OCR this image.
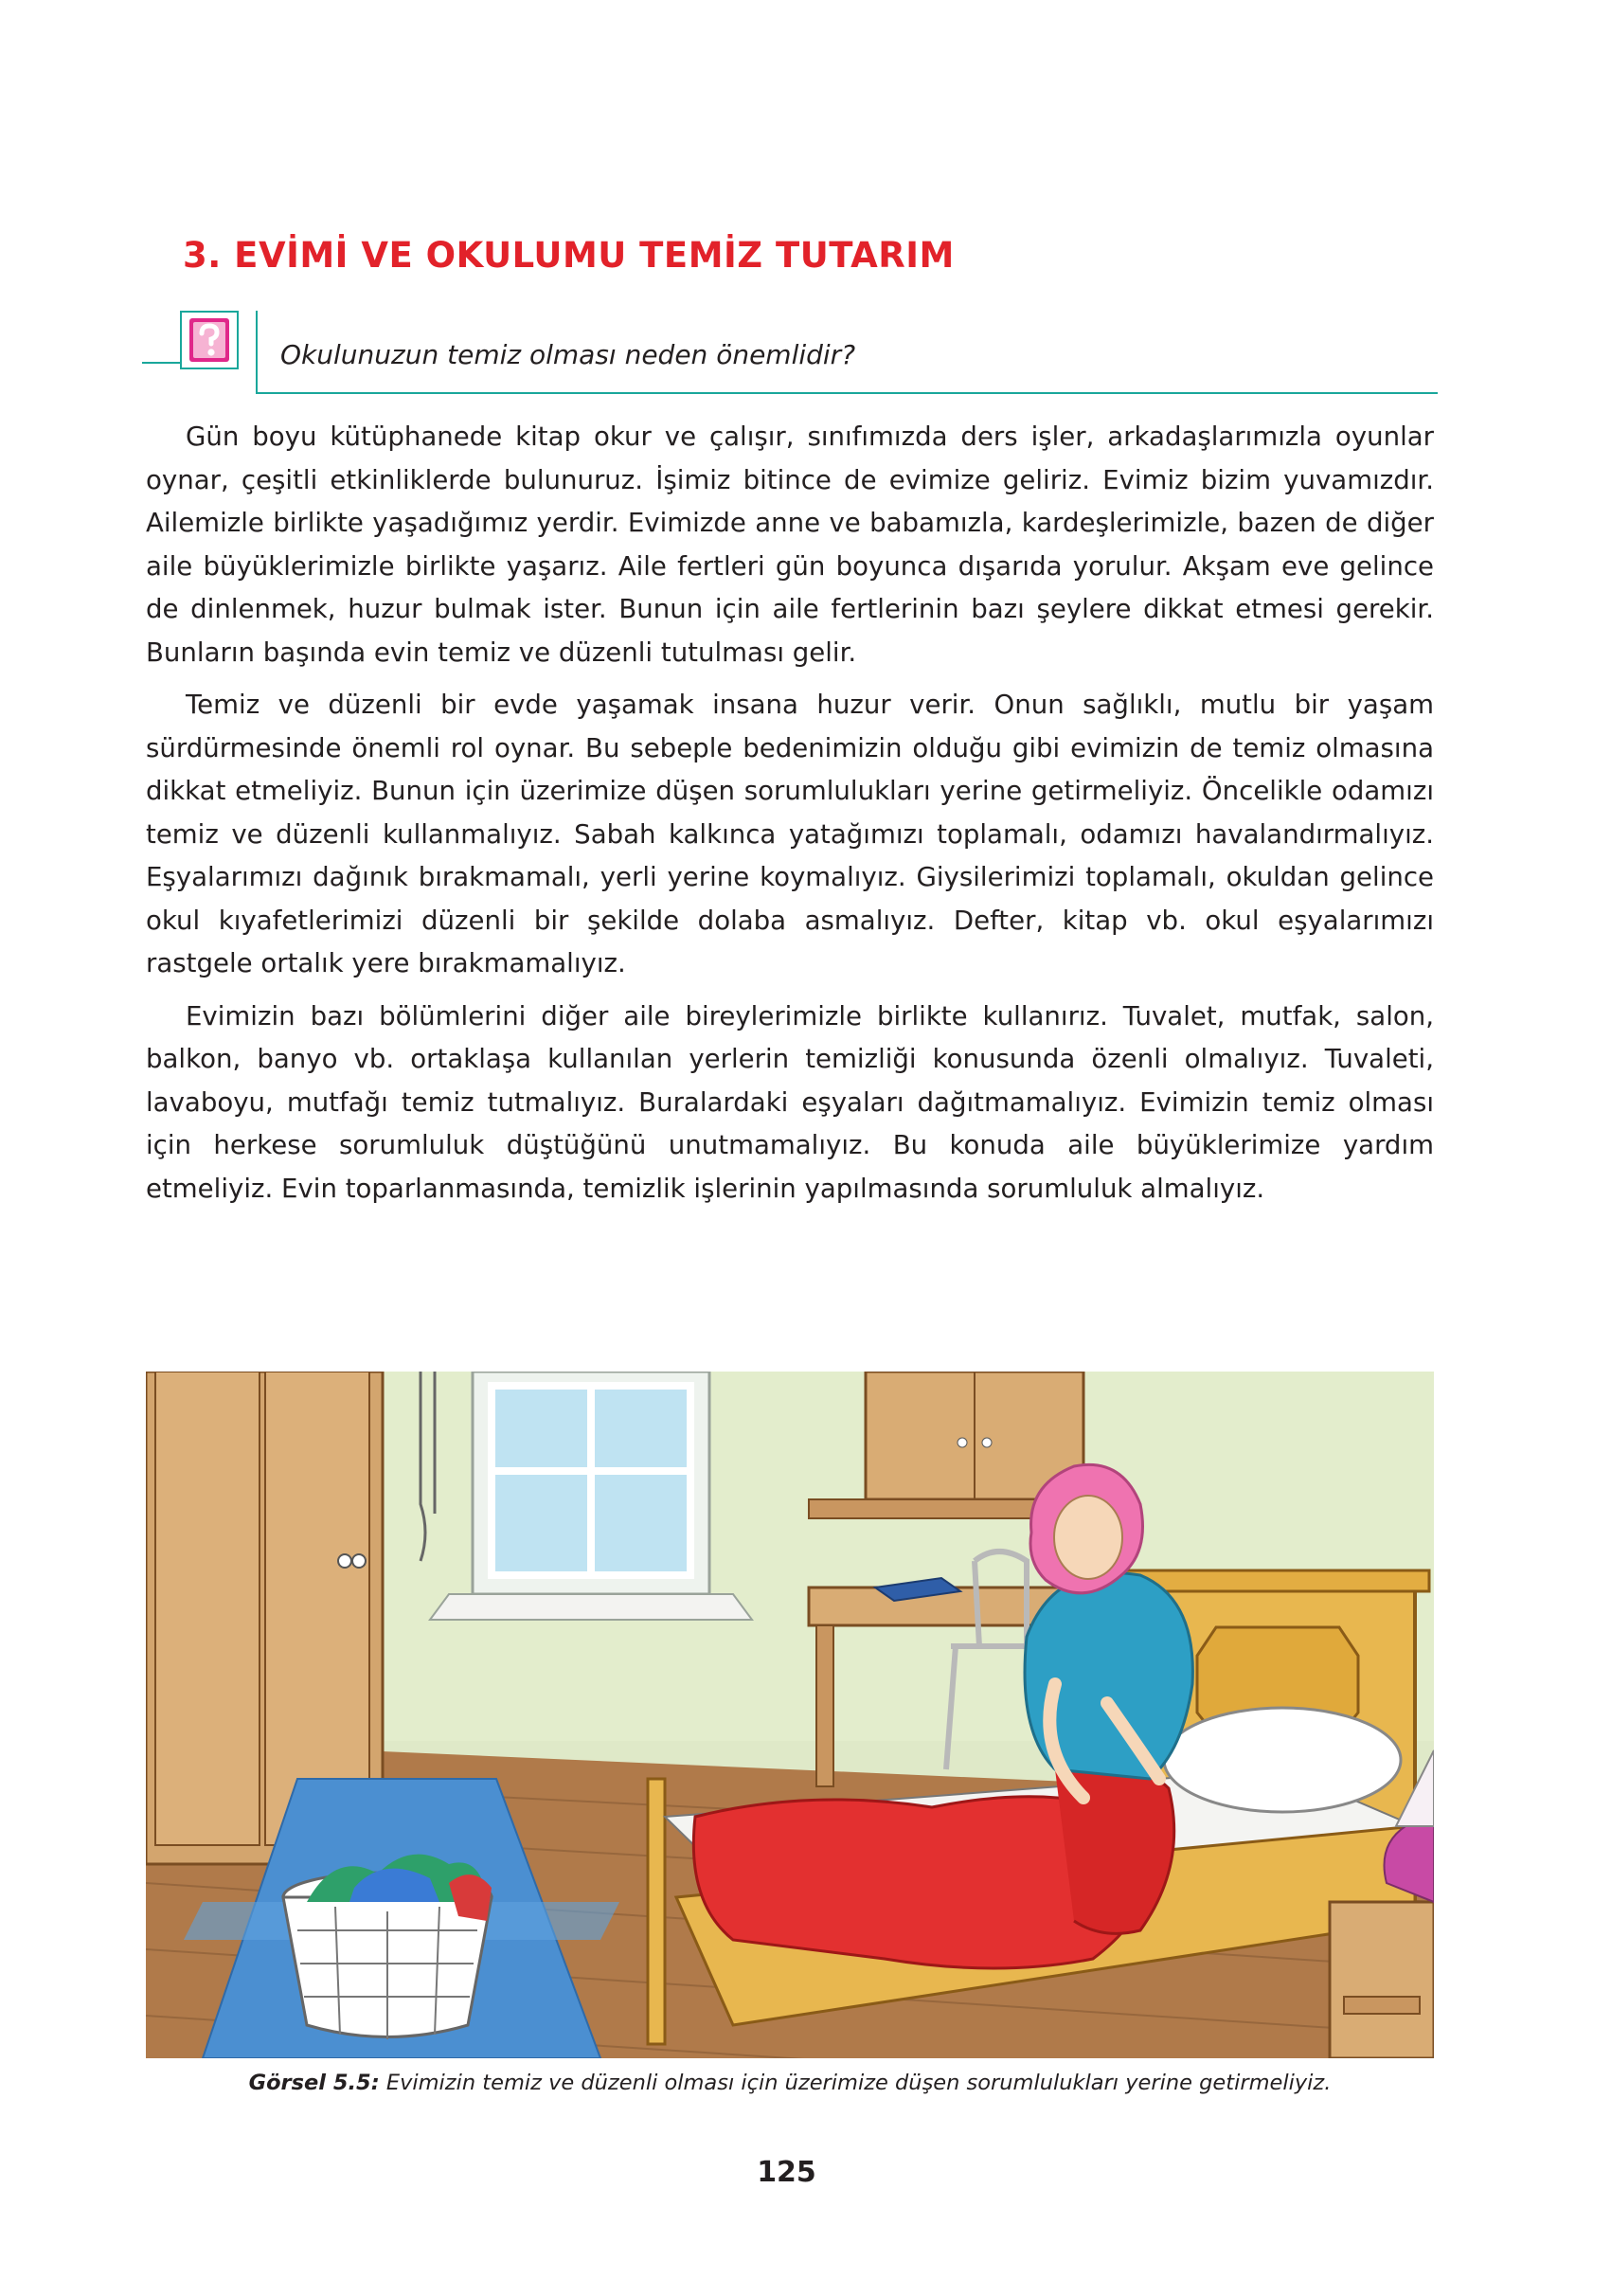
3. EVİMİ VE OKULUMU TEMİZ TUTARIM

Okulunuzun temiz olması neden önemlidir?

Gün boyu kütüphanede kitap okur ve çalışır, sınıfımızda ders işler, arkadaşlarımızla oyunlar oynar, çeşitli etkinliklerde bulunuruz. İşimiz bitince de evimize geliriz. Evimiz bizim yuvamızdır. Ailemizle birlikte yaşadığımız yerdir. Evimizde anne ve babamızla, kardeşlerimizle, bazen de diğer aile büyüklerimizle birlikte yaşarız. Aile fertleri gün boyunca dışarıda yorulur. Akşam eve gelince de dinlenmek, huzur bulmak ister. Bunun için aile fertlerinin bazı şeylere dikkat etmesi gerekir. Bunların başında evin temiz ve düzenli tutulması gelir.

Temiz ve düzenli bir evde yaşamak insana huzur verir. Onun sağlıklı, mutlu bir yaşam sürdürmesinde önemli rol oynar. Bu sebeple bedenimizin olduğu gibi evimizin de temiz olmasına dikkat etmeliyiz. Bunun için üzerimize düşen sorumlulukları yerine getirmeliyiz. Öncelikle odamızı temiz ve düzenli kullanmalıyız. Sabah kalkınca yatağımızı toplamalı, odamızı havalandırmalıyız. Eşyalarımızı dağınık bırakmamalı, yerli yerine koymalıyız. Giysilerimizi toplamalı, okuldan gelince okul kıyafetlerimizi düzenli bir şekilde dolaba asmalıyız. Defter, kitap vb. okul eşyalarımızı rastgele ortalık yere bırakmamalıyız.

Evimizin bazı bölümlerini diğer aile bireylerimizle birlikte kullanırız. Tuvalet, mutfak, salon, balkon, banyo vb. ortaklaşa kullanılan yerlerin temizliği konusunda özenli olmalıyız. Tuvaleti, lavaboyu, mutfağı temiz tutmalıyız. Buralardaki eşyaları dağıtmamalıyız. Evimizin temiz olması için herkese sorumluluk düştüğünü unutmamalıyız. Bu konuda aile büyüklerimize yardım etmeliyiz. Evin toparlanmasında, temizlik işlerinin yapılmasında sorumluluk almalıyız.

Görsel 5.5: Evimizin temiz ve düzenli olması için üzerimize düşen sorumlulukları yerine getirmeliyiz.

125
